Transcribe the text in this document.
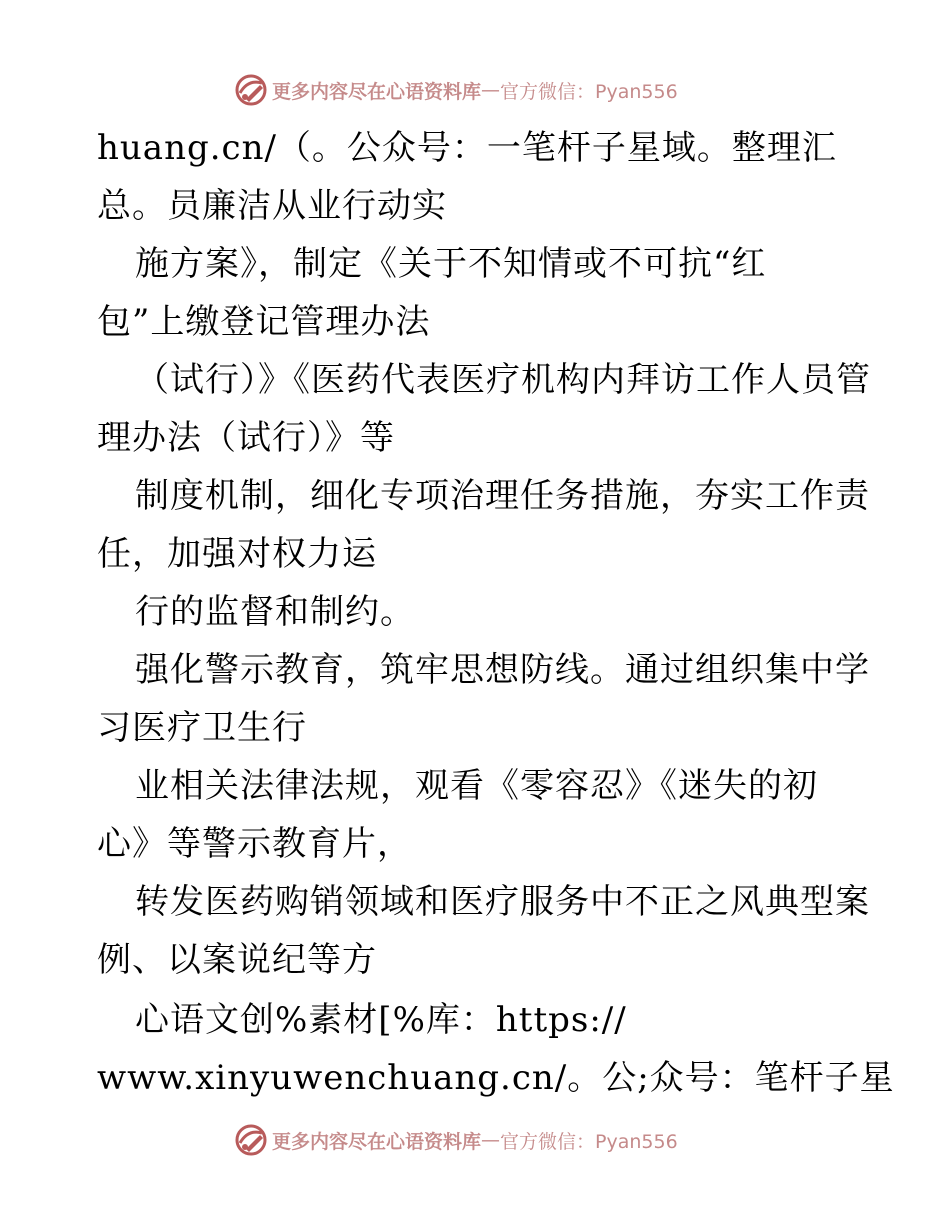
更多内容尽在心语资料库 — 官方微信：Pyan556
huang.cn/（。公众号：一笔杆子星域。整理汇
总。员廉洁从业行动实
施方案》，制定《关于不知情或不可抗“红
包”上缴登记管理办法
（试行）》《医药代表医疗机构内拜访工作人员管
理办法（试行）》等
制度机制，细化专项治理任务措施，夯实工作责
任，加强对权力运
行的监督和制约。
强化警示教育，筑牢思想防线。通过组织集中学
习医疗卫生行
业相关法律法规，观看《零容忍》《迷失的初
心》等警示教育片，
转发医药购销领域和医疗服务中不正之风典型案
例、以案说纪等方
心语文创%素材[%库：https://
www.xinyuwenchuang.cn/。公;众号：笔杆子星
更多内容尽在心语资料库 — 官方微信：Pyan556
